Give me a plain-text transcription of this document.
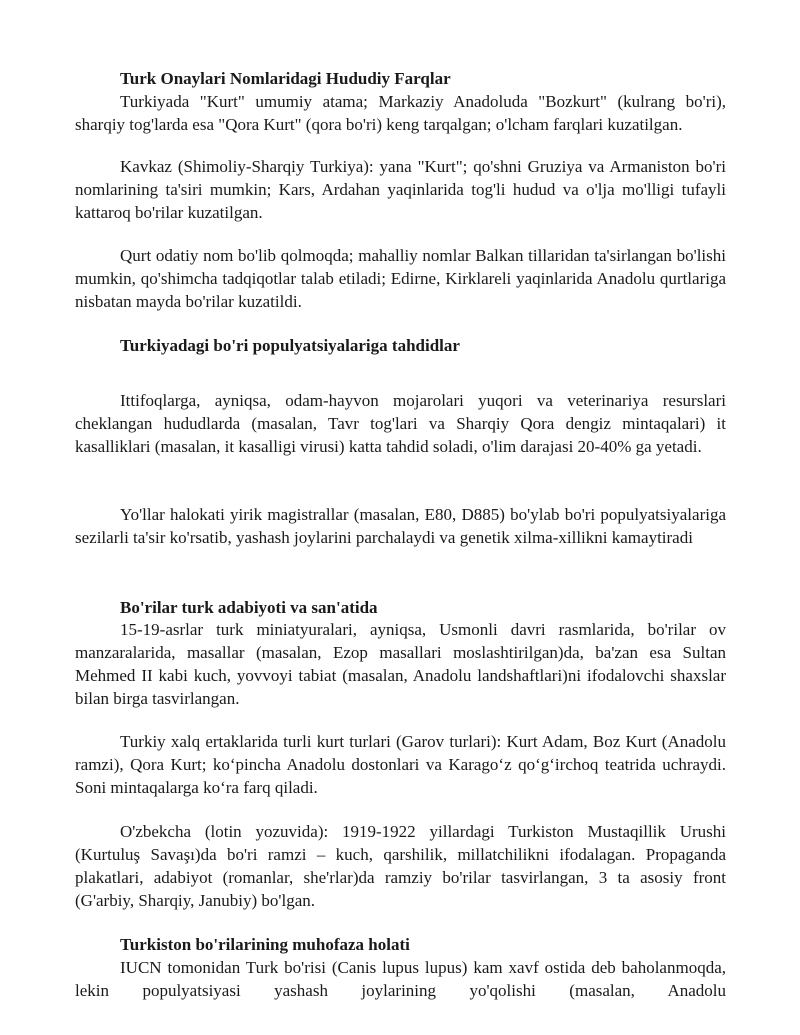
Turk Onaylari Nomlaridagi Hududiy Farqlar

Turkiyada "Kurt" umumiy atama; Markaziy Anadoluda "Bozkurt" (kulrang bo'ri), sharqiy tog'larda esa "Qora Kurt" (qora bo'ri) keng tarqalgan; o'lcham farqlari kuzatilgan.

Kavkaz (Shimoliy-Sharqiy Turkiya): yana "Kurt"; qo'shni Gruziya va Armaniston bo'ri nomlarining ta'siri mumkin; Kars, Ardahan yaqinlarida tog'li hudud va o'lja mo'lligi tufayli kattaroq bo'rilar kuzatilgan.

Qurt odatiy nom bo'lib qolmoqda; mahalliy nomlar Balkan tillaridan ta'sirlangan bo'lishi mumkin, qo'shimcha tadqiqotlar talab etiladi; Edirne, Kirklareli yaqinlarida Anadolu qurtlariga nisbatan mayda bo'rilar kuzatildi.

Turkiyadagi bo'ri populyatsiyalariga tahdidlar

Ittifoqlarga, ayniqsa, odam-hayvon mojarolari yuqori va veterinariya resurslari cheklangan hududlarda (masalan, Tavr tog'lari va Sharqiy Qora dengiz mintaqalari) it kasalliklari (masalan, it kasalligi virusi) katta tahdid soladi, o'lim darajasi 20-40% ga yetadi.

Yo'llar halokati yirik magistrallar (masalan, E80, D885) bo'ylab bo'ri populyatsiyalariga sezilarli ta'sir ko'rsatib, yashash joylarini parchalaydi va genetik xilma-xillikni kamaytiradi

Bo'rilar turk adabiyoti va san'atida

15-19-asrlar turk miniatyuralari, ayniqsa, Usmonli davri rasmlarida, bo'rilar ov manzaralarida, masallar (masalan, Ezop masallari moslashtirilgan)da, ba'zan esa Sultan Mehmed II kabi kuch, yovvoyi tabiat (masalan, Anadolu landshaftlari)ni ifodalovchi shaxslar bilan birga tasvirlangan.

Turkiy xalq ertaklarida turli kurt turlari (Garov turlari): Kurt Adam, Boz Kurt (Anadolu ramzi), Qora Kurt; koʻpincha Anadolu dostonlari va Karagoʻz qoʻgʻirchoq teatrida uchraydi. Soni mintaqalarga koʻra farq qiladi.

O'zbekcha (lotin yozuvida): 1919-1922 yillardagi Turkiston Mustaqillik Urushi (Kurtuluş Savaşı)da bo'ri ramzi – kuch, qarshilik, millatchilikni ifodalagan. Propaganda plakatlari, adabiyot (romanlar, she'rlar)da ramziy bo'rilar tasvirlangan, 3 ta asosiy front (G'arbiy, Sharqiy, Janubiy) bo'lgan.

Turkiston bo'rilarining muhofaza holati

IUCN tomonidan Turk bo'risi (Canis lupus lupus) kam xavf ostida deb baholanmoqda, lekin populyatsiyasi yashash joylarining yo'qolishi (masalan, Anadolu
